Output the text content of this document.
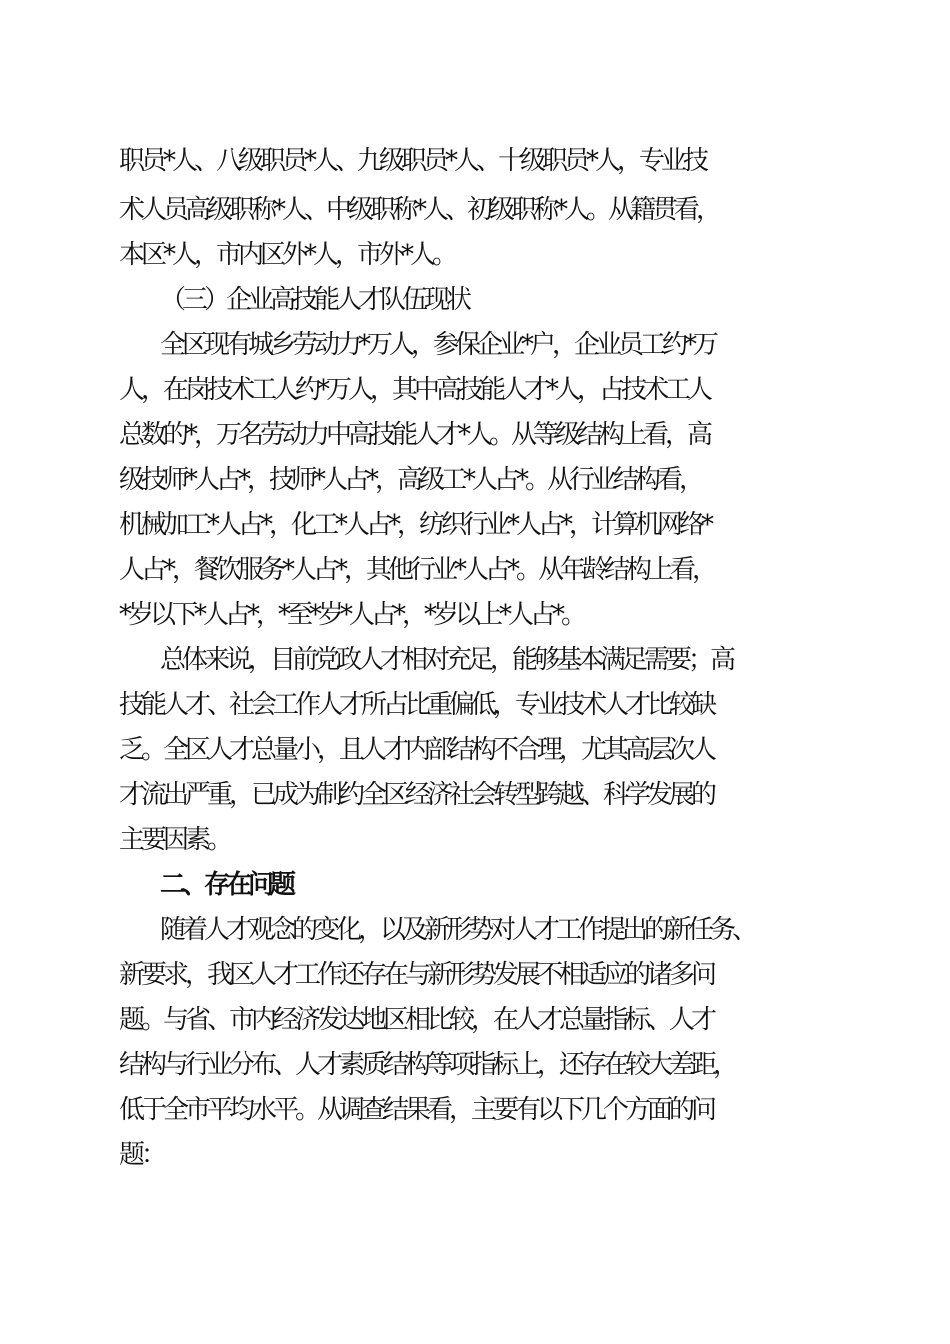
职员*人、八级职员*人、九级职员*人、十级职员*人，专业技
术人员高级职称*人、中级职称*人、初级职称*人。从籍贯看，
本区*人，市内区外*人，市外*人。
（三）企业高技能人才队伍现状
全区现有城乡劳动力*万人，参保企业*户，企业员工约*万
人，在岗技术工人约*万人，其中高技能人才*人，占技术工人
总数的*，万名劳动力中高技能人才*人。从等级结构上看，高
级技师*人占*，技师*人占*，高级工*人占*。从行业结构看，
机械加工*人占*，化工*人占*，纺织行业*人占*，计算机网络*
人占*，餐饮服务*人占*，其他行业*人占*。从年龄结构上看，
*岁以下*人占*，*至*岁*人占*，*岁以上*人占*。
总体来说，目前党政人才相对充足，能够基本满足需要；高
技能人才、社会工作人才所占比重偏低，专业技术人才比较缺
乏。全区人才总量小，且人才内部结构不合理，尤其高层次人
才流出严重，已成为制约全区经济社会转型跨越、科学发展的
主要因素。
二、存在问题
随着人才观念的变化，以及新形势对人才工作提出的新任务、
新要求，我区人才工作还存在与新形势发展不相适应的诸多问
题。与省、市内经济发达地区相比较，在人才总量指标、人才
结构与行业分布、人才素质结构等项指标上，还存在较大差距，
低于全市平均水平。从调查结果看，主要有以下几个方面的问
题：
